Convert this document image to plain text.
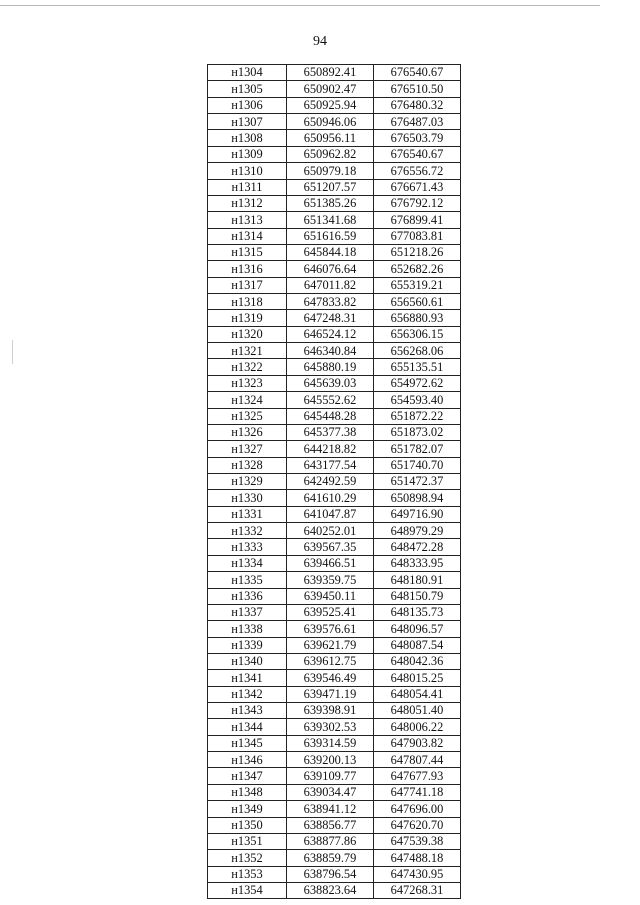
94
н1304	650892.41	676540.67
н1305	650902.47	676510.50
н1306	650925.94	676480.32
н1307	650946.06	676487.03
н1308	650956.11	676503.79
н1309	650962.82	676540.67
н1310	650979.18	676556.72
н1311	651207.57	676671.43
н1312	651385.26	676792.12
н1313	651341.68	676899.41
н1314	651616.59	677083.81
н1315	645844.18	651218.26
н1316	646076.64	652682.26
н1317	647011.82	655319.21
н1318	647833.82	656560.61
н1319	647248.31	656880.93
н1320	646524.12	656306.15
н1321	646340.84	656268.06
н1322	645880.19	655135.51
н1323	645639.03	654972.62
н1324	645552.62	654593.40
н1325	645448.28	651872.22
н1326	645377.38	651873.02
н1327	644218.82	651782.07
н1328	643177.54	651740.70
н1329	642492.59	651472.37
н1330	641610.29	650898.94
н1331	641047.87	649716.90
н1332	640252.01	648979.29
н1333	639567.35	648472.28
н1334	639466.51	648333.95
н1335	639359.75	648180.91
н1336	639450.11	648150.79
н1337	639525.41	648135.73
н1338	639576.61	648096.57
н1339	639621.79	648087.54
н1340	639612.75	648042.36
н1341	639546.49	648015.25
н1342	639471.19	648054.41
н1343	639398.91	648051.40
н1344	639302.53	648006.22
н1345	639314.59	647903.82
н1346	639200.13	647807.44
н1347	639109.77	647677.93
н1348	639034.47	647741.18
н1349	638941.12	647696.00
н1350	638856.77	647620.70
н1351	638877.86	647539.38
н1352	638859.79	647488.18
н1353	638796.54	647430.95
н1354	638823.64	647268.31
